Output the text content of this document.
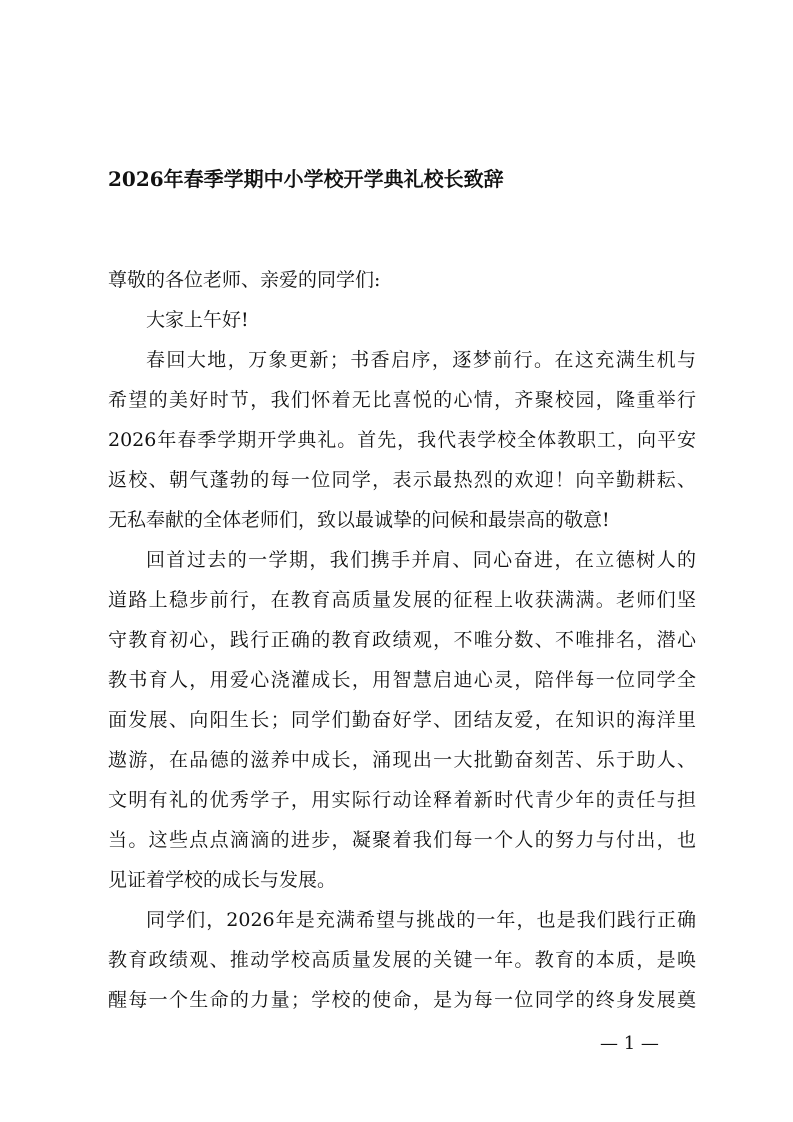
2026年春季学期中小学校开学典礼校长致辞
尊敬的各位老师、亲爱的同学们:
大家上午好!
春回大地，万象更新；书香启序，逐梦前行。在这充满生机与
希望的美好时节，我们怀着无比喜悦的心情，齐聚校园，隆重举行
2026年春季学期开学典礼。首先，我代表学校全体教职工，向平安
返校、朝气蓬勃的每一位同学，表示最热烈的欢迎！向辛勤耕耘、
无私奉献的全体老师们，致以最诚挚的问候和最崇高的敬意!
回首过去的一学期，我们携手并肩、同心奋进，在立德树人的
道路上稳步前行，在教育高质量发展的征程上收获满满。老师们坚
守教育初心，践行正确的教育政绩观，不唯分数、不唯排名，潜心
教书育人，用爱心浇灌成长，用智慧启迪心灵，陪伴每一位同学全
面发展、向阳生长；同学们勤奋好学、团结友爱，在知识的海洋里
遨游，在品德的滋养中成长，涌现出一大批勤奋刻苦、乐于助人、
文明有礼的优秀学子，用实际行动诠释着新时代青少年的责任与担
当。这些点点滴滴的进步，凝聚着我们每一个人的努力与付出，也
见证着学校的成长与发展。
同学们，2026年是充满希望与挑战的一年，也是我们践行正确
教育政绩观、推动学校高质量发展的关键一年。教育的本质，是唤
醒每一个生命的力量；学校的使命，是为每一位同学的终身发展奠
— 1 —
